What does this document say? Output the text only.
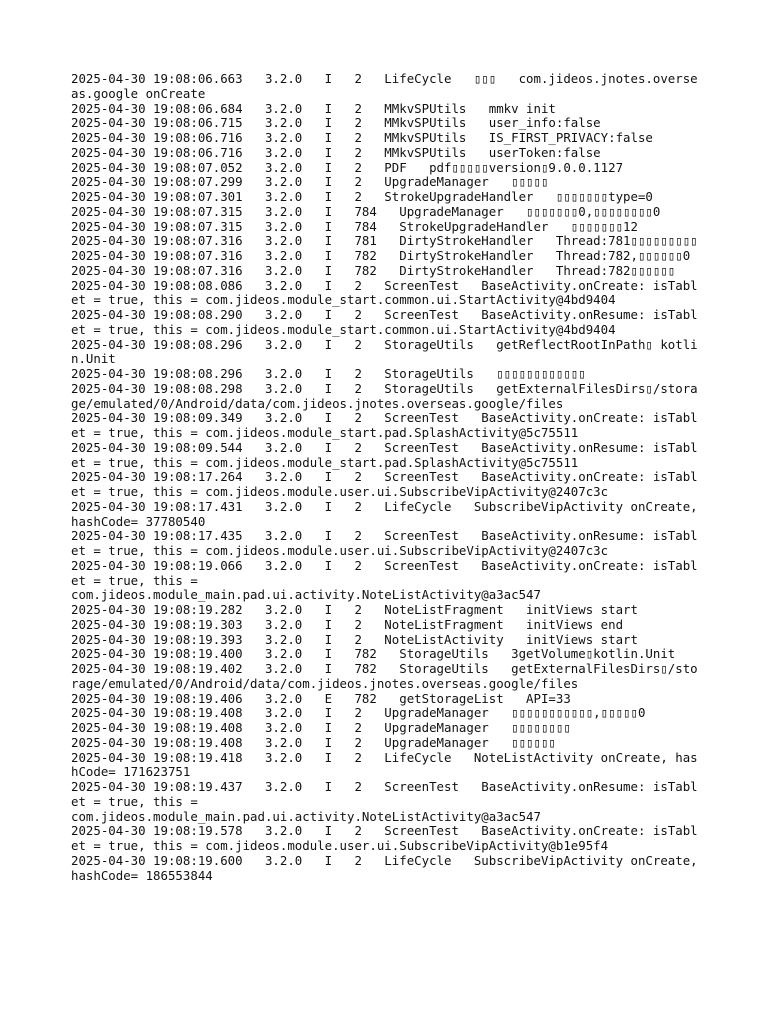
2025-04-30 19:08:06.663   3.2.0   I   2   LifeCycle   ▯▯▯   com.jideos.jnotes.overseas.google onCreate

2025-04-30 19:08:06.684   3.2.0   I   2   MMkvSPUtils   mmkv init

2025-04-30 19:08:06.715   3.2.0   I   2   MMkvSPUtils   user_info:false

2025-04-30 19:08:06.716   3.2.0   I   2   MMkvSPUtils   IS_FIRST_PRIVACY:false

2025-04-30 19:08:06.716   3.2.0   I   2   MMkvSPUtils   userToken:false

2025-04-30 19:08:07.052   3.2.0   I   2   PDF   pdf▯▯▯▯▯version▯9.0.0.1127

2025-04-30 19:08:07.299   3.2.0   I   2   UpgradeManager   ▯▯▯▯▯

2025-04-30 19:08:07.301   3.2.0   I   2   StrokeUpgradeHandler   ▯▯▯▯▯▯▯type=0

2025-04-30 19:08:07.315   3.2.0   I   784   UpgradeManager   ▯▯▯▯▯▯▯0,▯▯▯▯▯▯▯▯0

2025-04-30 19:08:07.315   3.2.0   I   784   StrokeUpgradeHandler   ▯▯▯▯▯▯▯12

2025-04-30 19:08:07.316   3.2.0   I   781   DirtyStrokeHandler   Thread:781▯▯▯▯▯▯▯▯▯

2025-04-30 19:08:07.316   3.2.0   I   782   DirtyStrokeHandler   Thread:782,▯▯▯▯▯▯0

2025-04-30 19:08:07.316   3.2.0   I   782   DirtyStrokeHandler   Thread:782▯▯▯▯▯▯

2025-04-30 19:08:08.086   3.2.0   I   2   ScreenTest   BaseActivity.onCreate: isTablet = true, this = com.jideos.module_start.common.ui.StartActivity@4bd9404

2025-04-30 19:08:08.290   3.2.0   I   2   ScreenTest   BaseActivity.onResume: isTablet = true, this = com.jideos.module_start.common.ui.StartActivity@4bd9404

2025-04-30 19:08:08.296   3.2.0   I   2   StorageUtils   getReflectRootInPath▯ kotlin.Unit

2025-04-30 19:08:08.296   3.2.0   I   2   StorageUtils   ▯▯▯▯▯▯▯▯▯▯▯▯

2025-04-30 19:08:08.298   3.2.0   I   2   StorageUtils   getExternalFilesDirs▯/storage/emulated/0/Android/data/com.jideos.jnotes.overseas.google/files

2025-04-30 19:08:09.349   3.2.0   I   2   ScreenTest   BaseActivity.onCreate: isTablet = true, this = com.jideos.module_start.pad.SplashActivity@5c75511

2025-04-30 19:08:09.544   3.2.0   I   2   ScreenTest   BaseActivity.onResume: isTablet = true, this = com.jideos.module_start.pad.SplashActivity@5c75511

2025-04-30 19:08:17.264   3.2.0   I   2   ScreenTest   BaseActivity.onCreate: isTablet = true, this = com.jideos.module.user.ui.SubscribeVipActivity@2407c3c

2025-04-30 19:08:17.431   3.2.0   I   2   LifeCycle   SubscribeVipActivity onCreate, hashCode= 37780540

2025-04-30 19:08:17.435   3.2.0   I   2   ScreenTest   BaseActivity.onResume: isTablet = true, this = com.jideos.module.user.ui.SubscribeVipActivity@2407c3c

2025-04-30 19:08:19.066   3.2.0   I   2   ScreenTest   BaseActivity.onCreate: isTablet = true, this =
com.jideos.module_main.pad.ui.activity.NoteListActivity@a3ac547

2025-04-30 19:08:19.282   3.2.0   I   2   NoteListFragment   initViews start

2025-04-30 19:08:19.303   3.2.0   I   2   NoteListFragment   initViews end

2025-04-30 19:08:19.393   3.2.0   I   2   NoteListActivity   initViews start

2025-04-30 19:08:19.400   3.2.0   I   782   StorageUtils   3getVolume▯kotlin.Unit

2025-04-30 19:08:19.402   3.2.0   I   782   StorageUtils   getExternalFilesDirs▯/storage/emulated/0/Android/data/com.jideos.jnotes.overseas.google/files

2025-04-30 19:08:19.406   3.2.0   E   782   getStorageList   API=33

2025-04-30 19:08:19.408   3.2.0   I   2   UpgradeManager   ▯▯▯▯▯▯▯▯▯▯▯,▯▯▯▯▯0

2025-04-30 19:08:19.408   3.2.0   I   2   UpgradeManager   ▯▯▯▯▯▯▯▯

2025-04-30 19:08:19.408   3.2.0   I   2   UpgradeManager   ▯▯▯▯▯▯

2025-04-30 19:08:19.418   3.2.0   I   2   LifeCycle   NoteListActivity onCreate, hashCode= 171623751

2025-04-30 19:08:19.437   3.2.0   I   2   ScreenTest   BaseActivity.onResume: isTablet = true, this =
com.jideos.module_main.pad.ui.activity.NoteListActivity@a3ac547

2025-04-30 19:08:19.578   3.2.0   I   2   ScreenTest   BaseActivity.onCreate: isTablet = true, this = com.jideos.module.user.ui.SubscribeVipActivity@b1e95f4

2025-04-30 19:08:19.600   3.2.0   I   2   LifeCycle   SubscribeVipActivity onCreate, hashCode= 186553844
